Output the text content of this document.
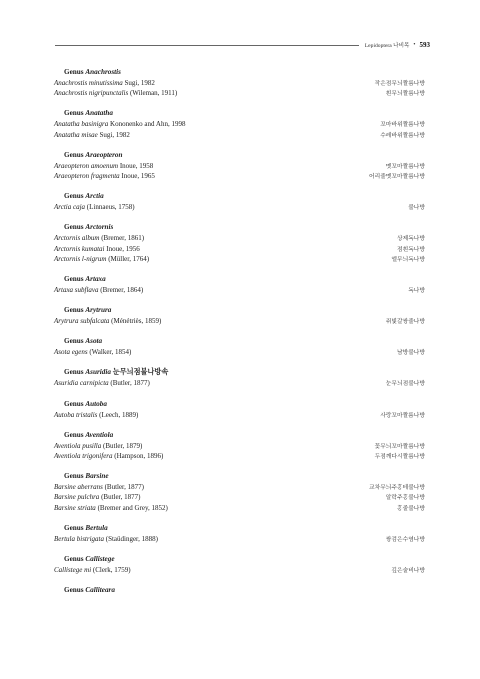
Lepidoptera 나비목 • 593
Genus Anachrostis
Anachrostis minutissima Sugi, 1982	작은점무늬짤름나방
Anachrostis nigripunctalis (Wileman, 1911)	흰무늬짤름나방
Genus Anatatha
Anatatha basinigra Kononenko and Ahn, 1998	꼬마바위짤름나방
Anatatha misae Sugi, 1982	수레바위짤름나방
Genus Araeopteron
Araeopteron amoenum Inoue, 1958	멧꼬마짤름나방
Araeopteron fragmenta Inoue, 1965	어리줄멧꼬마짤름나방
Genus Arctia
Arctia caja (Linnaeus, 1758)	불나방
Genus Arctornis
Arctornis album (Bremer, 1861)	상제독나방
Arctornis kumatai Inoue, 1956	점흰독나방
Arctornis l-nigrum (Müller, 1764)	엘무늬독나방
Genus Artaxa
Artaxa subflava (Bremer, 1864)	독나방
Genus Arytrura
Arytrura subfalcata (Ménétriès, 1859)	쥐빛갈쌍줄나방
Genus Asota
Asota egens (Walker, 1854)	남방불나방
Genus Asuridia 눈무늬점불나방속
Asuridia carnipicta (Butler, 1877)	눈무늬점불나방
Genus Autoba
Autoba tristalis (Leech, 1889)	사랑꼬마짤름나방
Genus Aventiola
Aventiola pusilla (Butler, 1879)	꽃무늬꼬마짤름나방
Aventiola trigonifera (Hampson, 1896)	두점깨다시짤름나방
Genus Barsine
Barsine aberrans (Butler, 1877)	교차무늬주홍테불나방
Barsine pulchra (Butler, 1877)	알락주홍불나방
Barsine striata (Bremer and Grey, 1852)	홍줄불나방
Genus Bertula
Bertula bistrigata (Staüdinger, 1888)	쌍검은수염나방
Genus Callistege
Callistege mi (Clerk, 1759)	깊은술비나방
Genus Calliteara
